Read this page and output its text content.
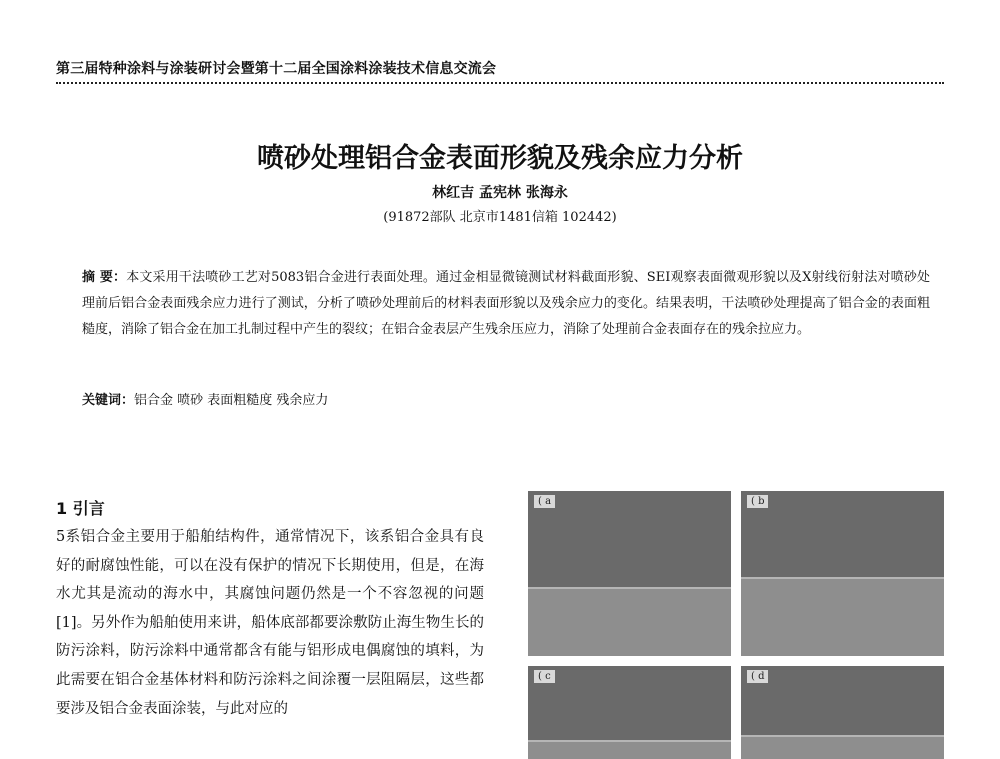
第三届特种涂料与涂装研讨会暨第十二届全国涂料涂装技术信息交流会
喷砂处理铝合金表面形貌及残余应力分析
林红吉 孟宪林 张海永
(91872部队 北京市1481信箱 102442)
摘 要：本文采用干法喷砂工艺对5083铝合金进行表面处理。通过金相显微镜测试材料截面形貌、SEI观察表面微观形貌以及X射线衍射法对喷砂处理前后铝合金表面残余应力进行了测试，分析了喷砂处理前后的材料表面形貌以及残余应力的变化。结果表明，干法喷砂处理提高了铝合金的表面粗糙度，消除了铝合金在加工扎制过程中产生的裂纹；在铝合金表层产生残余压应力，消除了处理前合金表面存在的残余拉应力。
关键词：铝合金 喷砂 表面粗糙度 残余应力
1 引言
5系铝合金主要用于船舶结构件，通常情况下，该系铝合金具有良好的耐腐蚀性能，可以在没有保护的情况下长期使用，但是，在海水尤其是流动的海水中，其腐蚀问题仍然是一个不容忽视的问题[1]。另外作为船舶使用来讲，船体底部都要涂敷防止海生物生长的防污涂料，防污涂料中通常都含有能与铝形成电偶腐蚀的填料，为此需要在铝合金基体材料和防污涂料之间涂覆一层阻隔层，这些都要涉及铝合金表面涂装，与此对应的
( a	( b
( c	( d
